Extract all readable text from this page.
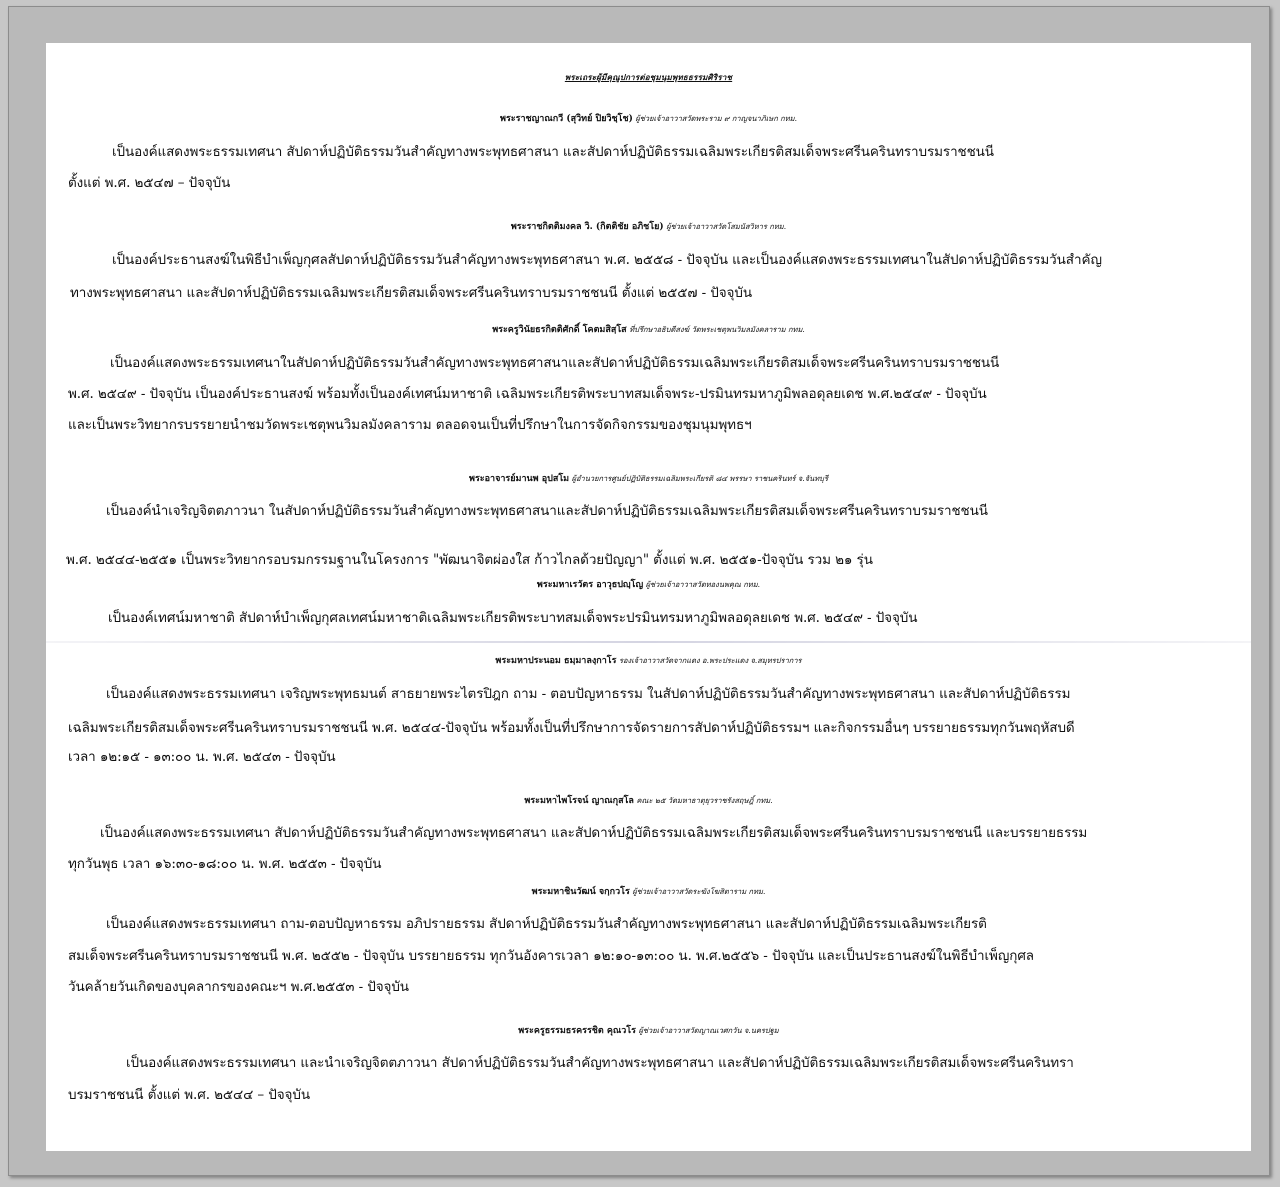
พระเถระผู้มีคุณูปการต่อชุมนุมพุทธธรรมศิริราช
พระราชญาณกวี (สุวิทย์ ปิยวิชฺโช) ผู้ช่วยเจ้าอาวาสวัดพระราม ๙ กาญจนาภิเษก กทม.
เป็นองค์แสดงพระธรรมเทศนา สัปดาห์ปฏิบัติธรรมวันสำคัญทางพระพุทธศาสนา และสัปดาห์ปฏิบัติธรรมเฉลิมพระเกียรติสมเด็จพระศรีนครินทราบรมราชชนนี
ตั้งแต่ พ.ศ. ๒๕๔๗ – ปัจจุบัน
พระราชกิตติมงคล วิ. (กิตติชัย อภิชโย) ผู้ช่วยเจ้าอาวาสวัดโสมนัสวิหาร กทม.
เป็นองค์ประธานสงฆ์ในพิธีบำเพ็ญกุศลสัปดาห์ปฏิบัติธรรมวันสำคัญทางพระพุทธศาสนา พ.ศ. ๒๕๕๘ - ปัจจุบัน และเป็นองค์แสดงพระธรรมเทศนาในสัปดาห์ปฏิบัติธรรมวันสำคัญ
ทางพระพุทธศาสนา และสัปดาห์ปฏิบัติธรรมเฉลิมพระเกียรติสมเด็จพระศรีนครินทราบรมราชชนนี ตั้งแต่ ๒๕๕๗ - ปัจจุบัน
พระครูวินัยธรกิตติศักดิ์ โคตมสิสฺโส ที่ปรึกษาอธิบดีสงฆ์ วัดพระเชตุพนวิมลมังคลาราม กทม.
เป็นองค์แสดงพระธรรมเทศนาในสัปดาห์ปฏิบัติธรรมวันสำคัญทางพระพุทธศาสนาและสัปดาห์ปฏิบัติธรรมเฉลิมพระเกียรติสมเด็จพระศรีนครินทราบรมราชชนนี
พ.ศ. ๒๕๔๙ - ปัจจุบัน เป็นองค์ประธานสงฆ์ พร้อมทั้งเป็นองค์เทศน์มหาชาติ เฉลิมพระเกียรติพระบาทสมเด็จพระ-ปรมินทรมหาภูมิพลอดุลยเดช พ.ศ.๒๕๔๙ - ปัจจุบัน
และเป็นพระวิทยากรบรรยายนำชมวัดพระเชตุพนวิมลมังคลาราม ตลอดจนเป็นที่ปรึกษาในการจัดกิจกรรมของชุมนุมพุทธฯ
พระอาจารย์มานพ อุปสโม ผู้อำนวยการศูนย์ปฏิบัติธรรมเฉลิมพระเกียรติ ๘๔ พรรษา ราชนครินทร์ จ.จันทบุรี
เป็นองค์นำเจริญจิตตภาวนา ในสัปดาห์ปฏิบัติธรรมวันสำคัญทางพระพุทธศาสนาและสัปดาห์ปฏิบัติธรรมเฉลิมพระเกียรติสมเด็จพระศรีนครินทราบรมราชชนนี
พ.ศ. ๒๕๔๔-๒๕๕๑ เป็นพระวิทยากรอบรมกรรมฐานในโครงการ "พัฒนาจิตผ่องใส ก้าวไกลด้วยปัญญา" ตั้งแต่ พ.ศ. ๒๕๕๑-ปัจจุบัน รวม ๒๑ รุ่น
พระมหาเรวัตร อาวุธปญฺโญ ผู้ช่วยเจ้าอาวาสวัดทองนพคุณ กทม.
เป็นองค์เทศน์มหาชาติ สัปดาห์บำเพ็ญกุศลเทศน์มหาชาติเฉลิมพระเกียรติพระบาทสมเด็จพระปรมินทรมหาภูมิพลอดุลยเดช พ.ศ. ๒๕๔๙ - ปัจจุบัน
พระมหาประนอม ธมฺมาลงฺกาโร รองเจ้าอาวาสวัดจากแดง อ.พระประแดง จ.สมุทรปราการ
เป็นองค์แสดงพระธรรมเทศนา เจริญพระพุทธมนต์ สาธยายพระไตรปิฎก ถาม - ตอบปัญหาธรรม ในสัปดาห์ปฏิบัติธรรมวันสำคัญทางพระพุทธศาสนา และสัปดาห์ปฏิบัติธรรม
เฉลิมพระเกียรติสมเด็จพระศรีนครินทราบรมราชชนนี พ.ศ. ๒๕๔๔-ปัจจุบัน พร้อมทั้งเป็นที่ปรึกษาการจัดรายการสัปดาห์ปฏิบัติธรรมฯ และกิจกรรมอื่นๆ บรรยายธรรมทุกวันพฤหัสบดี
เวลา ๑๒:๑๕ - ๑๓:๐๐ น. พ.ศ. ๒๕๔๓ - ปัจจุบัน
พระมหาไพโรจน์ ญาณกุสโล คณะ ๒๕ วัดมหาธาตุยุวราชรังสฤษฎิ์ กทม.
เป็นองค์แสดงพระธรรมเทศนา สัปดาห์ปฏิบัติธรรมวันสำคัญทางพระพุทธศาสนา และสัปดาห์ปฏิบัติธรรมเฉลิมพระเกียรติสมเด็จพระศรีนครินทราบรมราชชนนี และบรรยายธรรม
ทุกวันพุธ เวลา ๑๖:๓๐-๑๘:๐๐ น. พ.ศ. ๒๕๕๓ - ปัจจุบัน
พระมหาชินวัฒน์ จกฺกวโร ผู้ช่วยเจ้าอาวาสวัดระฆังโฆสิตาราม กทม.
เป็นองค์แสดงพระธรรมเทศนา ถาม-ตอบปัญหาธรรม อภิปรายธรรม สัปดาห์ปฏิบัติธรรมวันสำคัญทางพระพุทธศาสนา และสัปดาห์ปฏิบัติธรรมเฉลิมพระเกียรติ
สมเด็จพระศรีนครินทราบรมราชชนนี พ.ศ. ๒๕๕๒ - ปัจจุบัน บรรยายธรรม ทุกวันอังคารเวลา ๑๒:๑๐-๑๓:๐๐ น. พ.ศ.๒๕๕๖ - ปัจจุบัน และเป็นประธานสงฆ์ในพิธีบำเพ็ญกุศล
วันคล้ายวันเกิดของบุคลากรของคณะฯ พ.ศ.๒๕๕๓ - ปัจจุบัน
พระครูธรรมธรครรชิต คุณวโร ผู้ช่วยเจ้าอาวาสวัดญาณเวศกวัน จ.นครปฐม
เป็นองค์แสดงพระธรรมเทศนา และนำเจริญจิตตภาวนา สัปดาห์ปฏิบัติธรรมวันสำคัญทางพระพุทธศาสนา และสัปดาห์ปฏิบัติธรรมเฉลิมพระเกียรติสมเด็จพระศรีนครินทรา
บรมราชชนนี ตั้งแต่ พ.ศ. ๒๕๔๔ – ปัจจุบัน
